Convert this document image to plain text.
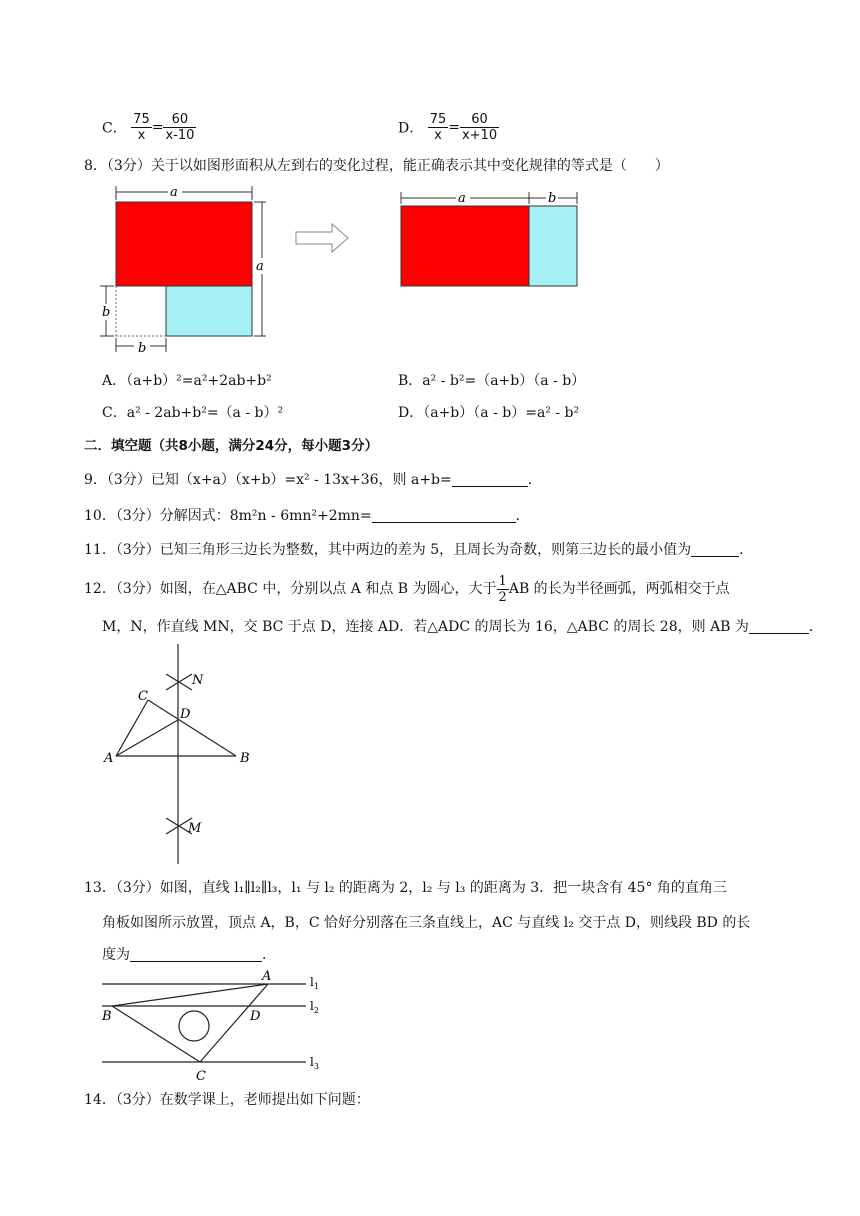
C． $\frac{75}{x} = \frac{60}{x-10}$	D． $\frac{75}{x} = \frac{60}{x+10}$
8．（3分）关于以如图形面积从左到右的变化过程，能正确表示其中变化规律的等式是（　　）
a
a
b
b
a	b
A．（a+b）²=a²+2ab+b²	B．a² - b²=（a+b）（a - b）
C．a² - 2ab+b²=（a - b）²	D．（a+b）（a - b）=a² - b²
二．填空题（共8小题，满分24分，每小题3分）
9．（3分）已知（x+a）（x+b）=x² - 13x+36，则 a+b=	．
10．（3分）分解因式：8m²n - 6mn²+2mn=	．
11．（3分）已知三角形三边长为整数，其中两边的差为 5，且周长为奇数，则第三边长的最小值为	．
12．（3分）如图，在△ABC 中，分别以点 A 和点 B 为圆心，大于 $\frac{1}{2}$ AB 的长为半径画弧，两弧相交于点
M，N，作直线 MN，交 BC 于点 D，连接 AD．若△ADC 的周长为 16，△ABC 的周长 28，则 AB 为	．
N
C
D
A	B
M
13．（3分）如图，直线 l₁∥l₂∥l₃，l₁ 与 l₂ 的距离为 2，l₂ 与 l₃ 的距离为 3．把一块含有 45° 角的直角三
角板如图所示放置，顶点 A，B，C 恰好分别落在三条直线上，AC 与直线 l₂ 交于点 D，则线段 BD 的长
度为	．
A
B	D
C
$l_1$
$l_2$
$l_3$
14．（3分）在数学课上，老师提出如下问题：
